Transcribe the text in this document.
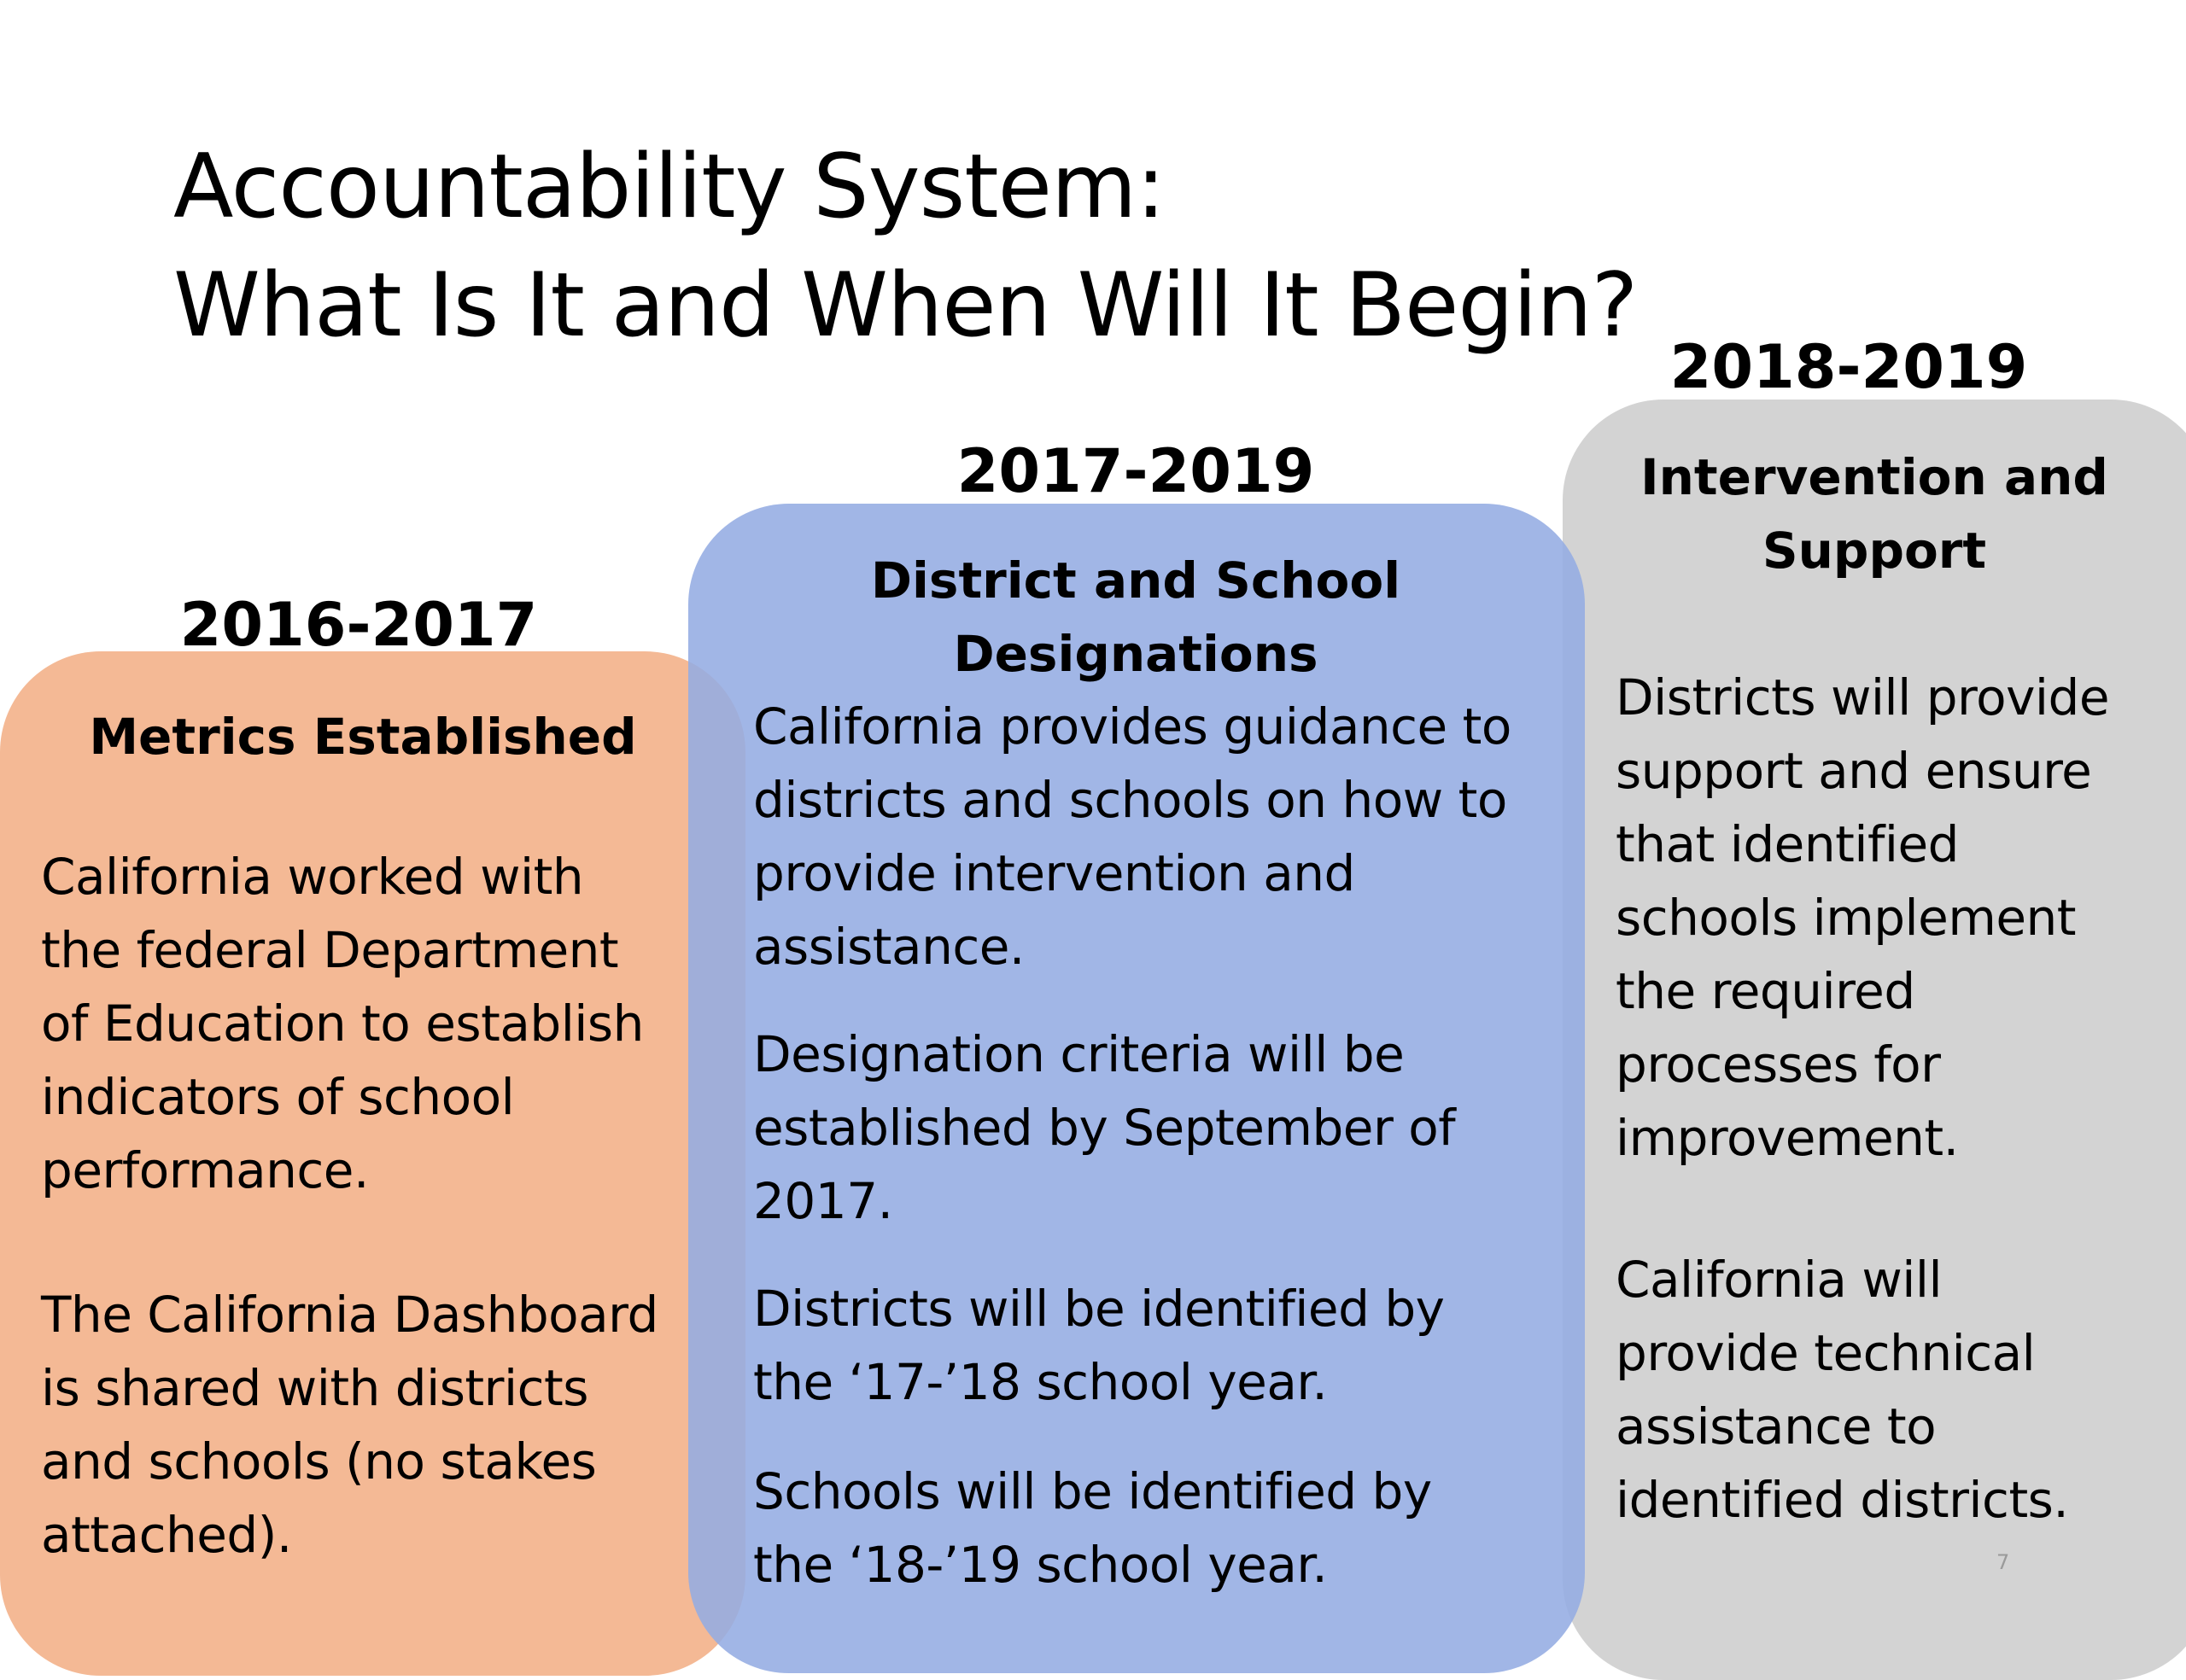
Accountability System:
What Is It and When Will It Begin?
2016-2017
Metrics Established
California worked with
the federal Department
of Education to establish
indicators of school
performance.
The California Dashboard
is shared with districts
and schools (no stakes
attached).
2017-2019
District and School
Designations
California provides guidance to
districts and schools on how to
provide intervention and
assistance.
Designation criteria will be
established by September of
2017.
Districts will be identified by
the ‘17-’18 school year.
Schools will be identified by
the ‘18-’19 school year.
2018-2019
Intervention and
Support
Districts will provide
support and ensure
that identified
schools implement
the required
processes for
improvement.
California will
provide technical
assistance to
identified districts.
7
